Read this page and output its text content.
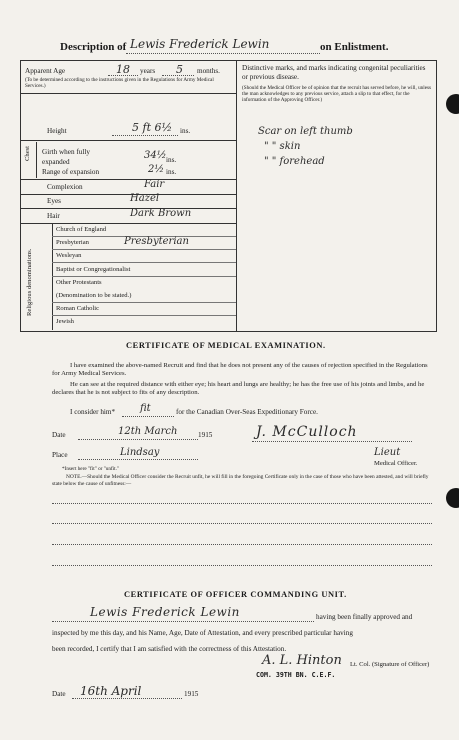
Description of Lewis Frederick Lewin	on Enlistment.
Apparent Age	18 years 5 months.
(To be determined according to the instructions given in the Regulations for Army Medical Services.)
Height	5 ft 6½ ins.
Chest Girth when fully expanded
34½ ins.
Range of expansion	2½ ins.
Complexion	Fair
Eyes	Hazel
Hair	Dark Brown
Religious denominations.
Church of England
Presbyterian	Presbyterian
Wesleyan
Baptist or Congregationalist
Other Protestants
(Denomination to be stated.)
Roman Catholic
Jewish
Distinctive marks, and marks indicating congenital peculiarities or previous disease.
(Should the Medical Officer be of opinion that the recruit has served before, he will, unless the man acknowledges to any previous service, attach a slip to that effect, for the information of the Approving Officer.)
Scar on left thumb
" " skin
" " forehead
CERTIFICATE OF MEDICAL EXAMINATION.
I have examined the above-named Recruit and find that he does not present any of the causes of rejection specified in the Regulations for Army Medical Services.
He can see at the required distance with either eye; his heart and lungs are healthy; he has the free use of his joints and limbs, and he declares that he is not subject to fits of any description.
I consider him* fit	for the Canadian Over-Seas Expeditionary Force.
Date	12th March	1915	J. McCulloch
Place	Lindsay	Lieut
Medical Officer.
*Insert here "fit" or "unfit."
NOTE.—Should the Medical Officer consider the Recruit unfit, he will fill in the foregoing Certificate only in the case of those who have been attested, and will briefly state below the cause of unfitness:—
CERTIFICATE OF OFFICER COMMANDING UNIT.
Lewis Frederick Lewin	having been finally approved and
inspected by me this day, and his Name, Age, Date of Attestation, and every prescribed particular having
been recorded, I certify that I am satisfied with the correctness of this Attestation.
A. L. Hinton Lt. Col. (Signature of Officer)
COM. 39TH BN. C.E.F.
Date 16th April	1915
